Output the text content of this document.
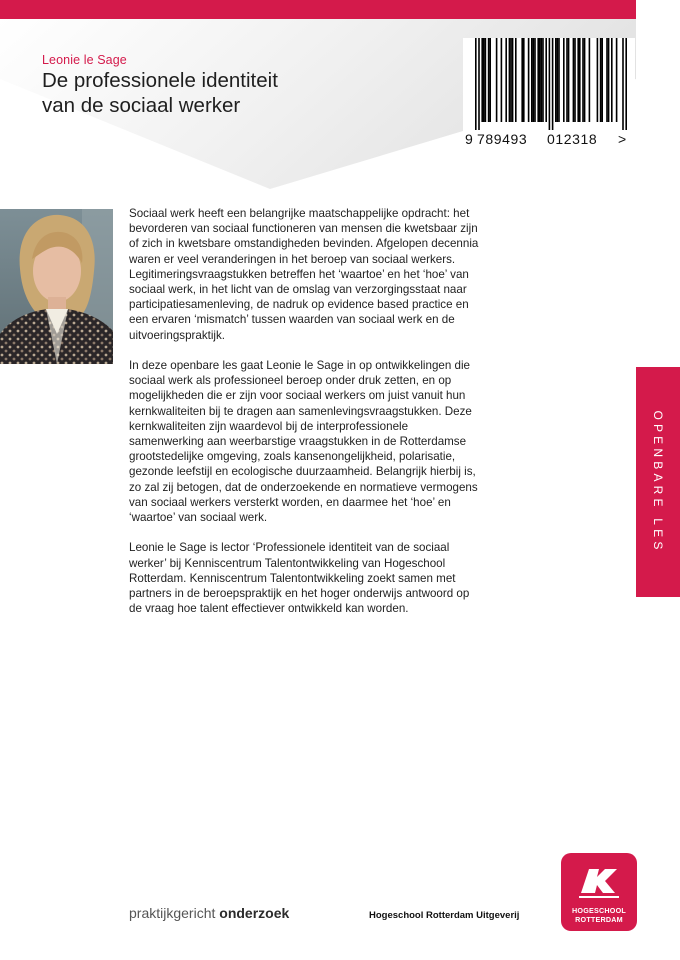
Leonie le Sage
De professionele identiteit
van de sociaal werker
9 789493 012318 >

Sociaal werk heeft een belangrijke maatschappelijke opdracht: het bevorderen van sociaal functioneren van mensen die kwetsbaar zijn of zich in kwetsbare omstandigheden bevinden. Afgelopen decennia waren er veel veranderingen in het beroep van sociaal werkers. Legitimeringsvraagstukken betreffen het ‘waartoe’ en het ‘hoe’ van sociaal werk, in het licht van de omslag van verzorgingsstaat naar participatiesamenleving, de nadruk op evidence based practice en een ervaren ‘mismatch’ tussen waarden van sociaal werk en de uitvoeringspraktijk.

In deze openbare les gaat Leonie le Sage in op ontwikkelingen die sociaal werk als professioneel beroep onder druk zetten, en op mogelijkheden die er zijn voor sociaal werkers om juist vanuit hun kernkwaliteiten bij te dragen aan samenlevingsvraagstukken. Deze kernkwaliteiten zijn waardevol bij de interprofessionele samenwerking aan weerbarstige vraagstukken in de Rotterdamse grootstedelijke omgeving, zoals kansenongelijkheid, polarisatie, gezonde leefstijl en ecologische duurzaamheid. Belangrijk hierbij is, zo zal zij betogen, dat de onderzoekende en normatieve vermogens van sociaal werkers versterkt worden, en daarmee het ‘hoe’ en ‘waartoe’ van sociaal werk.

Leonie le Sage is lector ‘Professionele identiteit van de sociaal werker’ bij Kenniscentrum Talentontwikkeling van Hogeschool Rotterdam. Kenniscentrum Talentontwikkeling zoekt samen met partners in de beroepspraktijk en het hoger onderwijs antwoord op de vraag hoe talent effectiever ontwikkeld kan worden.

OPENBARE LES
praktijkgericht onderzoek	Hogeschool Rotterdam Uitgeverij	HOGESCHOOL
ROTTERDAM
